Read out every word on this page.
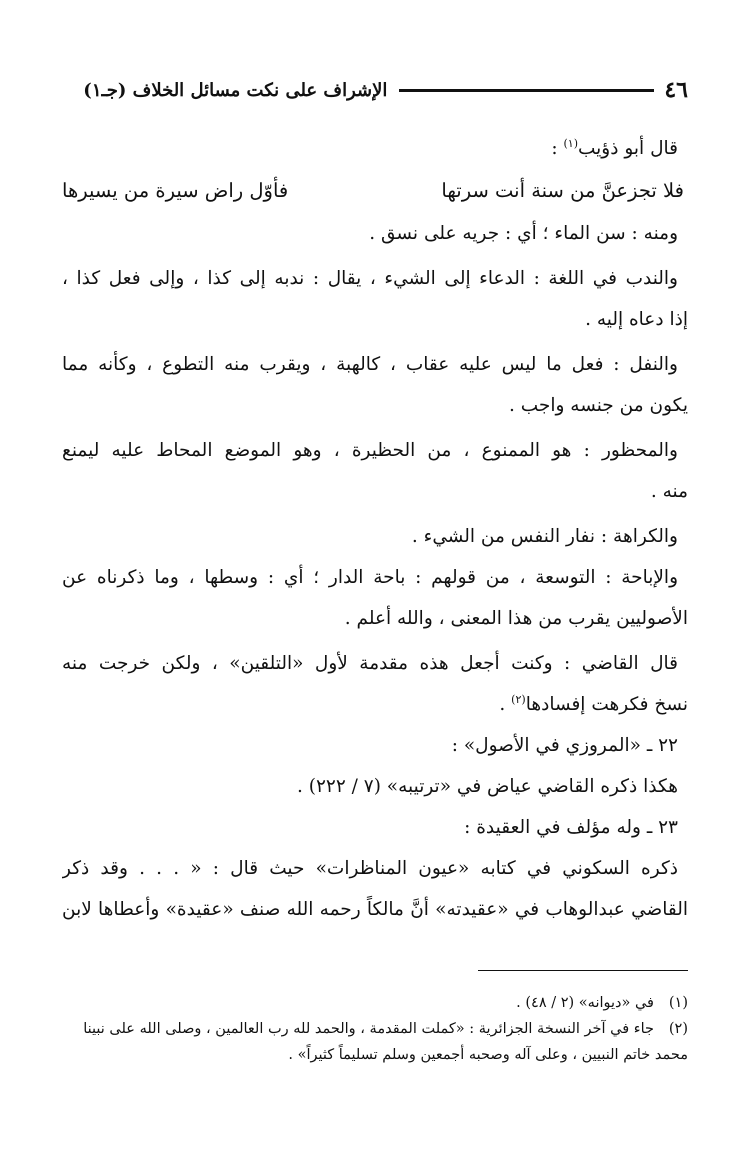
٤٦
الإشراف على نكت مسائل الخلاف (جـ١)
قال أبو ذؤيب$^{(١)}$ :
فلا تجزعنَّ من سنة أنت سرتها
فأوّل راض سيرة من يسيرها
ومنه : سن الماء ؛ أي : جريه على نسق .
والندب في اللغة : الدعاء إلى الشيء ، يقال : ندبه إلى كذا ، وإلى فعل كذا ،
إذا دعاه إليه .
والنفل : فعل ما ليس عليه عقاب ، كالهبة ، ويقرب منه التطوع ، وكأنه مما
يكون من جنسه واجب .
والمحظور : هو الممنوع ، من الحظيرة ، وهو الموضع المحاط عليه ليمنع
منه .
والكراهة : نفار النفس من الشيء .
والإباحة : التوسعة ، من قولهم : باحة الدار ؛ أي : وسطها ، وما ذكرناه عن
الأصوليين يقرب من هذا المعنى ، والله أعلم .
قال القاضي : وكنت أجعل هذه مقدمة لأول «التلقين» ، ولكن خرجت منه
نسخ فكرهت إفسادها$^{(٢)}$ .
٢٢ ـ «المروزي في الأصول» :
هكذا ذكره القاضي عياض في «ترتيبه» (٧ / ٢٢٢) .
٢٣ ـ وله مؤلف في العقيدة :
ذكره السكوني في كتابه «عيون المناظرات» حيث قال : « . . . وقد ذكر
القاضي عبدالوهاب في «عقيدته» أنَّ مالكاً رحمه الله صنف «عقيدة» وأعطاها لابن
(١)في «ديوانه» (٢ / ٤٨) .
(٢)جاء في آخر النسخة الجزائرية : «كملت المقدمة ، والحمد لله رب العالمين ، وصلى الله على نبينا
محمد خاتم النبيين ، وعلى آله وصحبه أجمعين وسلم تسليماً كثيراً» .
